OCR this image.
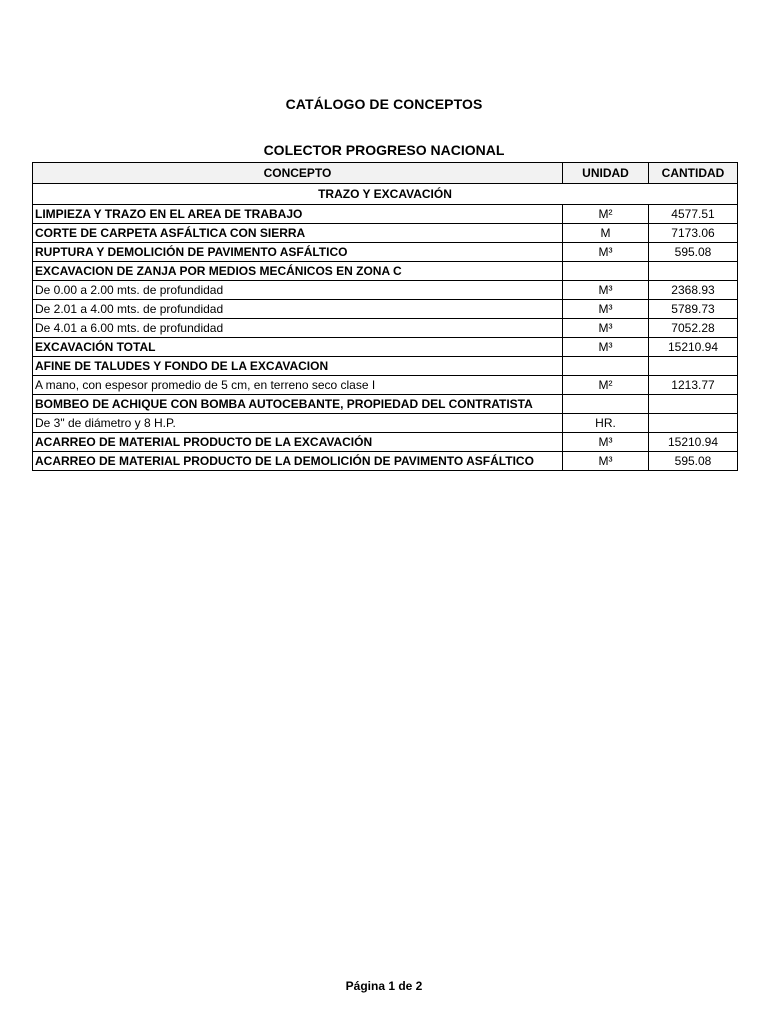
CATÁLOGO DE CONCEPTOS
COLECTOR PROGRESO NACIONAL
CONCEPTO	UNIDAD	CANTIDAD
TRAZO Y EXCAVACIÓN		
LIMPIEZA Y TRAZO EN EL AREA DE TRABAJO	M²	4577.51
CORTE DE CARPETA ASFÁLTICA CON SIERRA	M	7173.06
RUPTURA Y DEMOLICIÓN DE PAVIMENTO ASFÁLTICO	M³	595.08
EXCAVACION DE ZANJA POR MEDIOS MECÁNICOS EN ZONA C		
De 0.00 a 2.00 mts. de profundidad	M³	2368.93
De 2.01 a 4.00 mts. de profundidad	M³	5789.73
De 4.01 a 6.00 mts. de profundidad	M³	7052.28
EXCAVACIÓN TOTAL	M³	15210.94
AFINE DE TALUDES Y FONDO DE LA EXCAVACION		
A mano, con espesor promedio de 5 cm, en terreno seco clase I	M²	1213.77
BOMBEO DE ACHIQUE CON BOMBA AUTOCEBANTE, PROPIEDAD DEL CONTRATISTA		
De 3" de diámetro y 8 H.P.	HR.	
ACARREO DE MATERIAL PRODUCTO DE LA EXCAVACIÓN	M³	15210.94
ACARREO DE MATERIAL PRODUCTO DE LA DEMOLICIÓN DE PAVIMENTO ASFÁLTICO	M³	595.08
Página 1 de 2
